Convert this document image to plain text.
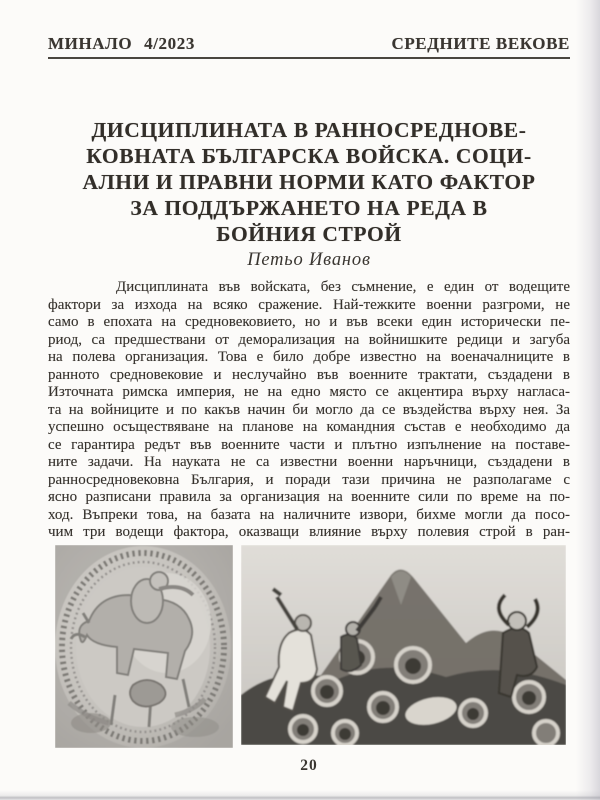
МИНАЛО 4/2023	СРЕДНИТЕ ВЕКОВЕ
ДИСЦИПЛИНАТА В РАННОСРЕДНОВЕ-
КОВНАТА БЪЛГАРСКА ВОЙСКА. СОЦИ-
АЛНИ И ПРАВНИ НОРМИ КАТО ФАКТОР
ЗА ПОДДЪРЖАНЕТО НА РЕДА В
БОЙНИЯ СТРОЙ
Петьо Иванов
Дисциплината във войската, без съмнение, е един от водещите
фактори за изхода на всяко сражение. Най-тежките военни разгроми, не
само в епохата на средновековието, но и във всеки един исторически пе-
риод, са предшествани от деморализация на войнишките редици и загуба
на полева организация. Това е било добре известно на военачалниците в
ранното средновековие и неслучайно във военните трактати, създадени в
Източната римска империя, не на едно място се акцентира върху нагласа-
та на войниците и по какъв начин би могло да се въздейства върху нея. За
успешно осъществяване на планове на командния състав е необходимо да
се гарантира редът във военните части и плътно изпълнение на поставе-
ните задачи. На науката не са известни военни наръчници, създадени в
ранносредновековна България, и поради тази причина не разполагаме с
ясно разписани правила за организация на военните сили по време на по-
ход. Въпреки това, на базата на наличните извори, бихме могли да посо-
чим три водещи фактора, оказващи влияние върху полевия строй в ран-
20
